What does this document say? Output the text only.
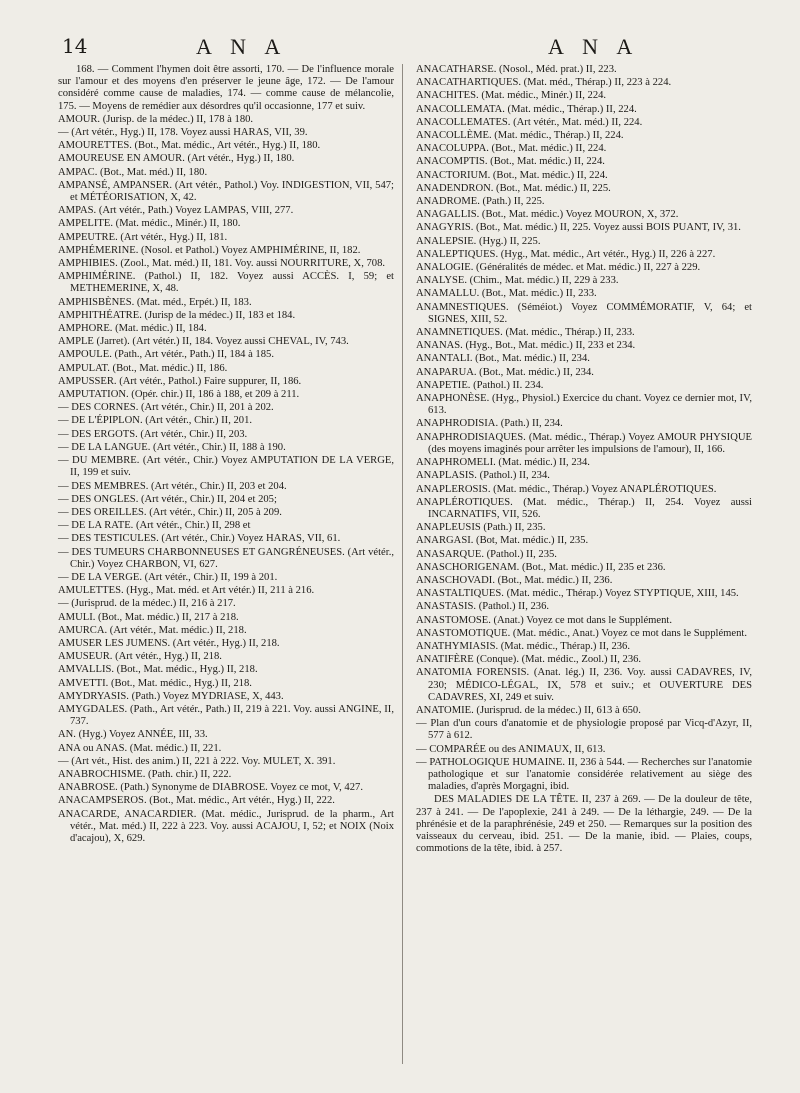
14	A N A	A N A
168. — Comment l'hymen doit être assorti, 170. — De l'influence morale sur l'amour et des moyens d'en préserver le jeune âge, 172. — De l'amour considéré comme cause de maladies, 174. — comme cause de mélancolie, 175. — Moyens de remédier aux désordres qu'il occasionne, 177 et suiv.
AMOUR. (Jurisp. de la médec.) II, 178 à 180.
— (Art vétér., Hyg.) II, 178. Voyez aussi HARAS, VII, 39.
AMOURETTES. (Bot., Mat. médic., Art vétér., Hyg.) II, 180.
AMOUREUSE EN AMOUR. (Art vétér., Hyg.) II, 180.
AMPAC. (Bot., Mat. méd.) II, 180.
AMPANSÉ, AMPANSER. (Art vétér., Pathol.) Voy. INDIGESTION, VII, 547; et MÉTÉORISATION, X, 42.
AMPAS. (Art vétér., Path.) Voyez LAMPAS, VIII, 277.
AMPELITE. (Mat. médic., Minér.) II, 180.
AMPEUTRE. (Art vétér., Hyg.) II, 181.
AMPHÉMERINE. (Nosol. et Pathol.) Voyez AMPHIMÉRINE, II, 182.
AMPHIBIES. (Zool., Mat. méd.) II, 181. Voy. aussi NOURRITURE, X, 708.
AMPHIMÉRINE. (Pathol.) II, 182. Voyez aussi ACCÈS. I, 59; et METHEMERINE, X, 48.
AMPHISBÈNES. (Mat. méd., Erpét.) II, 183.
AMPHITHÉATRE. (Jurisp de la médec.) II, 183 et 184.
AMPHORE. (Mat. médic.) II, 184.
AMPLE (Jarret). (Art vétér.) II, 184. Voyez aussi CHEVAL, IV, 743.
AMPOULE. (Path., Art vétér., Path.) II, 184 à 185.
AMPULAT. (Bot., Mat. médic.) II, 186.
AMPUSSER. (Art vétér., Pathol.) Faire suppurer, II, 186.
AMPUTATION. (Opér. chir.) II, 186 à 188, et 209 à 211.
— DES CORNES. (Art vétér., Chir.) II, 201 à 202.
— DE L'ÉPIPLON. (Art vétér., Chir.) II, 201.
— DES ERGOTS. (Art vétér., Chir.) II, 203.
— DE LA LANGUE. (Art vétér., Chir.) II, 188 à 190.
— DU MEMBRE. (Art vétér., Chir.) Voyez AMPUTATION DE LA VERGE, II, 199 et suiv.
— DES MEMBRES. (Art vétér., Chir.) II, 203 et 204.
— DES ONGLES. (Art vétér., Chir.) II, 204 et 205;
— DES OREILLES. (Art vétér., Chir.) II, 205 à 209.
— DE LA RATE. (Art vétér., Chir.) II, 298 et
— DES TESTICULES. (Art vétér., Chir.) Voyez HARAS, VII, 61.
— DES TUMEURS CHARBONNEUSES ET GANGRÉNEUSES. (Art vétér., Chir.) Voyez CHARBON, VI, 627.
— DE LA VERGE. (Art vétér., Chir.) II, 199 à 201.
AMULETTES. (Hyg., Mat. méd. et Art vétér.) II, 211 à 216.
— (Jurisprud. de la médec.) II, 216 à 217.
AMULI. (Bot., Mat. médic.) II, 217 à 218.
AMURCA. (Art vétér., Mat. médic.) II, 218.
AMUSER LES JUMENS. (Art vétér., Hyg.) II, 218.
AMUSEUR. (Art vétér., Hyg.) II, 218.
AMVALLIS. (Bot., Mat. médic., Hyg.) II, 218.
AMVETTI. (Bot., Mat. médic., Hyg.) II, 218.
AMYDRYASIS. (Path.) Voyez MYDRIASE, X, 443.
AMYGDALES. (Path., Art vétér., Path.) II, 219 à 221. Voy. aussi ANGINE, II, 737.
AN. (Hyg.) Voyez ANNÉE, III, 33.
ANA ou ANAS. (Mat. médic.) II, 221.
— (Art vét., Hist. des anim.) II, 221 à 222. Voy. MULET, X. 391.
ANABROCHISME. (Path. chir.) II, 222.
ANABROSE. (Path.) Synonyme de DIABROSE. Voyez ce mot, V, 427.
ANACAMPSEROS. (Bot., Mat. médic., Art vétér., Hyg.) II, 222.
ANACARDE, ANACARDIER. (Mat. médic., Jurisprud. de la pharm., Art vétér., Mat. méd.) II, 222 à 223. Voy. aussi ACAJOU, I, 52; et NOIX (Noix d'acajou), X, 629.
ANACATHARSE. (Nosol., Méd. prat.) II, 223.
ANACATHARTIQUES. (Mat. méd., Thérap.) II, 223 à 224.
ANACHITES. (Mat. médic., Minér.) II, 224.
ANACOLLEMATA. (Mat. médic., Thérap.) II, 224.
ANACOLLEMATES. (Art vétér., Mat. méd.) II, 224.
ANACOLLÈME. (Mat. médic., Thérap.) II, 224.
ANACOLUPPA. (Bot., Mat. médic.) II, 224.
ANACOMPTIS. (Bot., Mat. médic.) II, 224.
ANACTORIUM. (Bot., Mat. médic.) II, 224.
ANADENDRON. (Bot., Mat. médic.) II, 225.
ANADROME. (Path.) II, 225.
ANAGALLIS. (Bot., Mat. médic.) Voyez MOURON, X, 372.
ANAGYRIS. (Bot., Mat. médic.) II, 225. Voyez aussi BOIS PUANT, IV, 31.
ANALEPSIE. (Hyg.) II, 225.
ANALEPTIQUES. (Hyg., Mat. médic., Art vétér., Hyg.) II, 226 à 227.
ANALOGIE. (Généralités de médec. et Mat. médic.) II, 227 à 229.
ANALYSE. (Chim., Mat. médic.) II, 229 à 233.
ANAMALLU. (Bot., Mat. médic.) II, 233.
ANAMNESTIQUES. (Séméiot.) Voyez COMMÉMORATIF, V, 64; et SIGNES, XIII, 52.
ANAMNETIQUES. (Mat. médic., Thérap.) II, 233.
ANANAS. (Hyg., Bot., Mat. médic.) II, 233 et 234.
ANANTALI. (Bot., Mat. médic.) II, 234.
ANAPARUA. (Bot., Mat. médic.) II, 234.
ANAPETIE. (Pathol.) II. 234.
ANAPHONÈSE. (Hyg., Physiol.) Exercice du chant. Voyez ce dernier mot, IV, 613.
ANAPHRODISIA. (Path.) II, 234.
ANAPHRODISIAQUES. (Mat. médic., Thérap.) Voyez AMOUR PHYSIQUE (des moyens imaginés pour arrêter les impulsions de l'amour), II, 166.
ANAPHROMELI. (Mat. médic.) II, 234.
ANAPLASIS. (Pathol.) II, 234.
ANAPLEROSIS. (Mat. médic., Thérap.) Voyez ANAPLÉROTIQUES.
ANAPLÉROTIQUES. (Mat. médic., Thérap.) II, 254. Voyez aussi INCARNATIFS, VII, 526.
ANAPLEUSIS (Path.) II, 235.
ANARGASI. (Bot, Mat. médic.) II, 235.
ANASARQUE. (Pathol.) II, 235.
ANASCHORIGENAM. (Bot., Mat. médic.) II, 235 et 236.
ANASCHOVADI. (Bot., Mat. médic.) II, 236.
ANASTALTIQUES. (Mat. médic., Thérap.) Voyez STYPTIQUE, XIII, 145.
ANASTASIS. (Pathol.) II, 236.
ANASTOMOSE. (Anat.) Voyez ce mot dans le Supplément.
ANASTOMOTIQUE. (Mat. médic., Anat.) Voyez ce mot dans le Supplément.
ANATHYMIASIS. (Mat. médic., Thérap.) II, 236.
ANATIFÈRE (Conque). (Mat. médic., Zool.) II, 236.
ANATOMIA FORENSIS. (Anat. lég.) II, 236. Voy. aussi CADAVRES, IV, 230; MÉDICO-LÉGAL, IX, 578 et suiv.; et OUVERTURE DES CADAVRES, XI, 249 et suiv.
ANATOMIE. (Jurisprud. de la médec.) II, 613 à 650.
— Plan d'un cours d'anatomie et de physiologie proposé par Vicq-d'Azyr, II, 577 à 612.
— COMPARÉE ou des ANIMAUX, II, 613.
— PATHOLOGIQUE HUMAINE. II, 236 à 544. — Recherches sur l'anatomie pathologique et sur l'anatomie considérée relativement au siège des maladies, d'après Morgagni, ibid.
DES MALADIES DE LA TÊTE. II, 237 à 269. — De la douleur de tête, 237 à 241. — De l'apoplexie, 241 à 249. — De la léthargie, 249. — De la phrénésie et de la paraphrénésie, 249 et 250. — Remarques sur la position des vaisseaux du cerveau, ibid. 251. — De la manie, ibid. — Plaies, coups, commotions de la tête, ibid. à 257.
